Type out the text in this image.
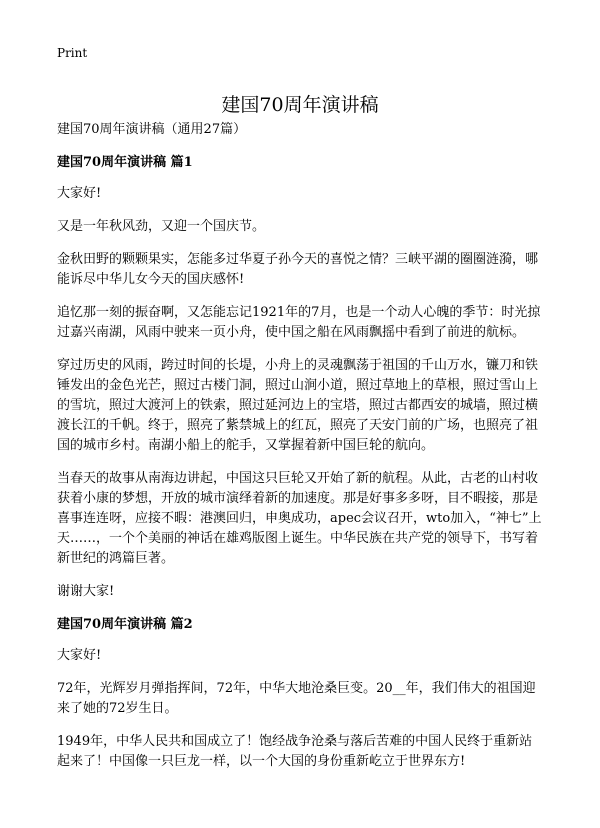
Print
建国70周年演讲稿

建国70周年演讲稿（通用27篇）

建国70周年演讲稿 篇1

大家好!

又是一年秋风劲，又迎一个国庆节。

金秋田野的颗颗果实，怎能多过华夏子孙今天的喜悦之情？三峡平湖的圈圈涟漪，哪能诉尽中华儿女今天的国庆感怀!

追忆那一刻的振奋啊，又怎能忘记1921年的7月，也是一个动人心魄的季节：时光掠过嘉兴南湖，风雨中驶来一页小舟，使中国之船在风雨飘摇中看到了前进的航标。

穿过历史的风雨，跨过时间的长堤，小舟上的灵魂飘荡于祖国的千山万水，镰刀和铁锤发出的金色光芒，照过古楼门洞，照过山涧小道，照过草地上的草根，照过雪山上的雪坑，照过大渡河上的铁索，照过延河边上的宝塔，照过古都西安的城墙，照过横渡长江的千帆。终于，照亮了紫禁城上的红瓦，照亮了天安门前的广场，也照亮了祖国的城市乡村。南湖小船上的舵手，又掌握着新中国巨轮的航向。

当春天的故事从南海边讲起，中国这只巨轮又开始了新的航程。从此，古老的山村收获着小康的梦想，开放的城市演绎着新的加速度。那是好事多多呀，目不暇接，那是喜事连连呀，应接不暇：港澳回归，申奥成功，apec会议召开，wto加入，“神七”上天……，一个个美丽的神话在雄鸡版图上诞生。中华民族在共产党的领导下，书写着新世纪的鸿篇巨著。

谢谢大家!

建国70周年演讲稿 篇2

大家好!

72年，光辉岁月弹指挥间，72年，中华大地沧桑巨变。20__年，我们伟大的祖国迎来了她的72岁生日。

1949年，中华人民共和国成立了！饱经战争沧桑与落后苦难的中国人民终于重新站起来了！中国像一只巨龙一样，以一个大国的身份重新屹立于世界东方!
